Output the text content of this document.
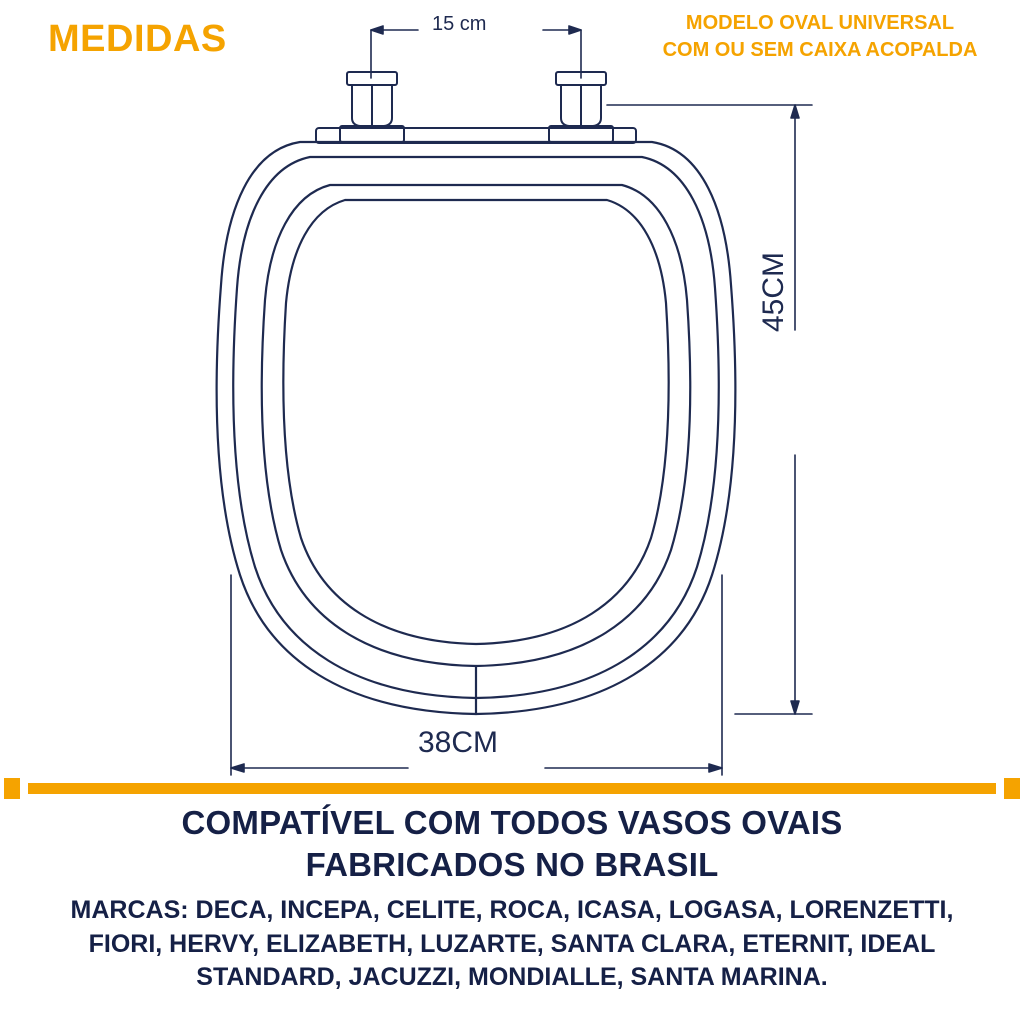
MEDIDAS	MODELO OVAL UNIVERSAL
COM OU SEM CAIXA ACOPALDA
15 cm
45CM
38CM
COMPATÍVEL COM TODOS VASOS OVAIS
FABRICADOS NO BRASIL
MARCAS: DECA, INCEPA, CELITE, ROCA, ICASA, LOGASA, LORENZETTI,
FIORI, HERVY, ELIZABETH, LUZARTE, SANTA CLARA, ETERNIT, IDEAL
STANDARD, JACUZZI, MONDIALLE, SANTA MARINA.
